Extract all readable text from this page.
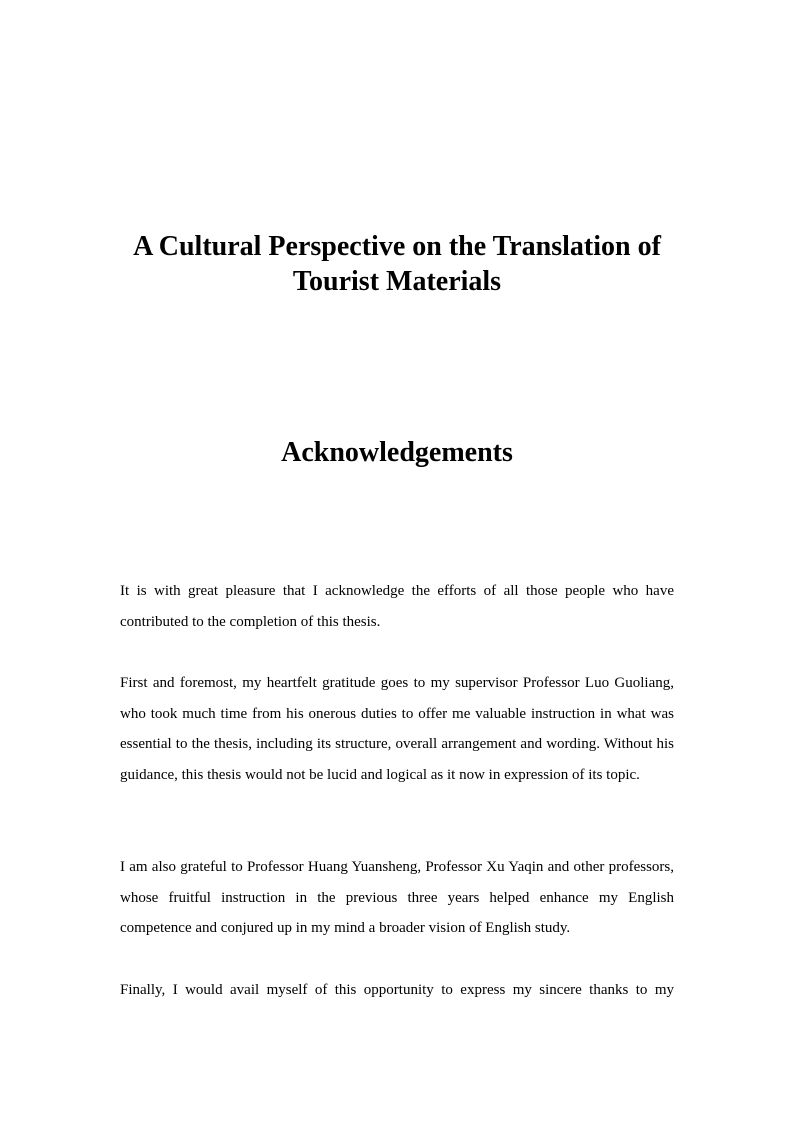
A Cultural Perspective on the Translation of Tourist Materials
Acknowledgements

It is with great pleasure that I acknowledge the efforts of all those people who have contributed to the completion of this thesis.

First and foremost, my heartfelt gratitude goes to my supervisor Professor Luo Guoliang, who took much time from his onerous duties to offer me valuable instruction in what was essential to the thesis, including its structure, overall arrangement and wording. Without his guidance, this thesis would not be lucid and logical as it now in expression of its topic.

I am also grateful to Professor Huang Yuansheng, Professor Xu Yaqin and other professors, whose fruitful instruction in the previous three years helped enhance my English competence and conjured up in my mind a broader vision of English study.

Finally, I would avail myself of this opportunity to express my sincere thanks to my
